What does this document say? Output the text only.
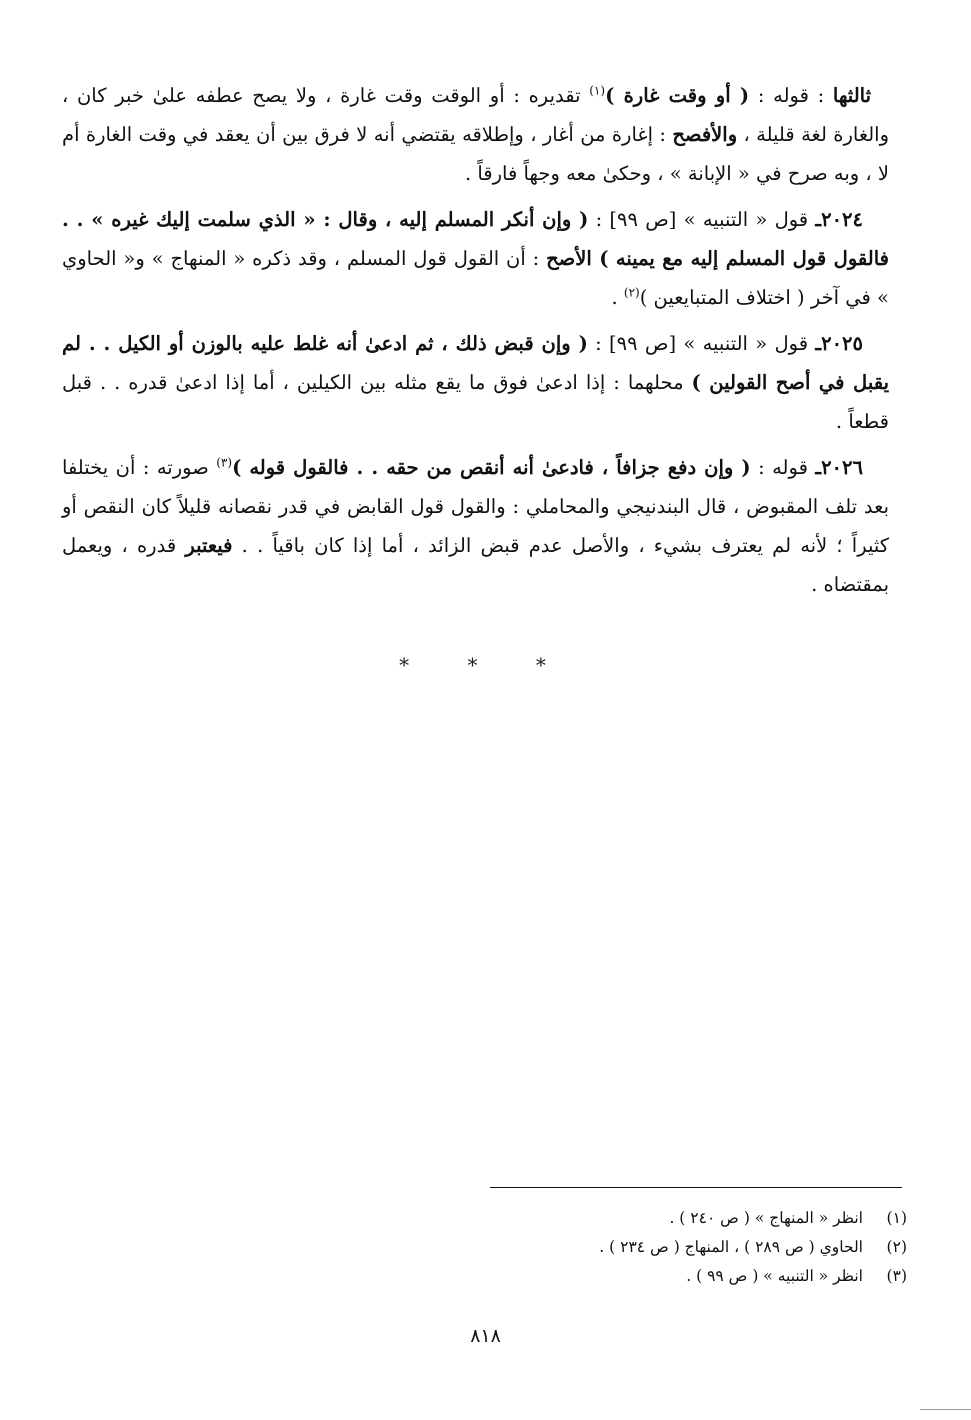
ثالثها : قوله : ( أو وقت غارة )$^{(١)}$ تقديره : أو الوقت وقت غارة ، ولا يصح عطفه علىٰ خبر كان ، والغارة لغة قليلة ، والأفصح : إغارة من أغار ، وإطلاقه يقتضي أنه لا فرق بين أن يعقد في وقت الغارة أم لا ، وبه صرح في « الإبانة » ، وحكىٰ معه وجهاً فارقاً .

٢٠٢٤ـ قول « التنبيه » [ص ٩٩] : ( وإن أنكر المسلم إليه ، وقال : « الذي سلمت إليك غيره » . . فالقول قول المسلم إليه مع يمينه ) الأصح : أن القول قول المسلم ، وقد ذكره « المنهاج » و« الحاوي » في آخر ( اختلاف المتبايعين )$^{(٢)}$ .

٢٠٢٥ـ قول « التنبيه » [ص ٩٩] : ( وإن قبض ذلك ، ثم ادعىٰ أنه غلط عليه بالوزن أو الكيل . . لم يقبل في أصح القولين ) محلهما : إذا ادعىٰ فوق ما يقع مثله بين الكيلين ، أما إذا ادعىٰ قدره . . قبل قطعاً .

٢٠٢٦ـ قوله : ( وإن دفع جزافاً ، فادعىٰ أنه أنقص من حقه . . فالقول قوله )$^{(٣)}$ صورته : أن يختلفا بعد تلف المقبوض ، قال البندنيجي والمحاملي : والقول قول القابض في قدر نقصانه قليلاً كان النقص أو كثيراً ؛ لأنه لم يعترف بشيء ، والأصل عدم قبض الزائد ، أما إذا كان باقياً . . فيعتبر قدره ، ويعمل بمقتضاه .

* * *
(١)انظر « المنهاج » ( ص ٢٤٠ ) .
(٢)الحاوي ( ص ٢٨٩ ) ، المنهاج ( ص ٢٣٤ ) .
(٣)انظر « التنبيه » ( ص ٩٩ ) .
٨١٨
